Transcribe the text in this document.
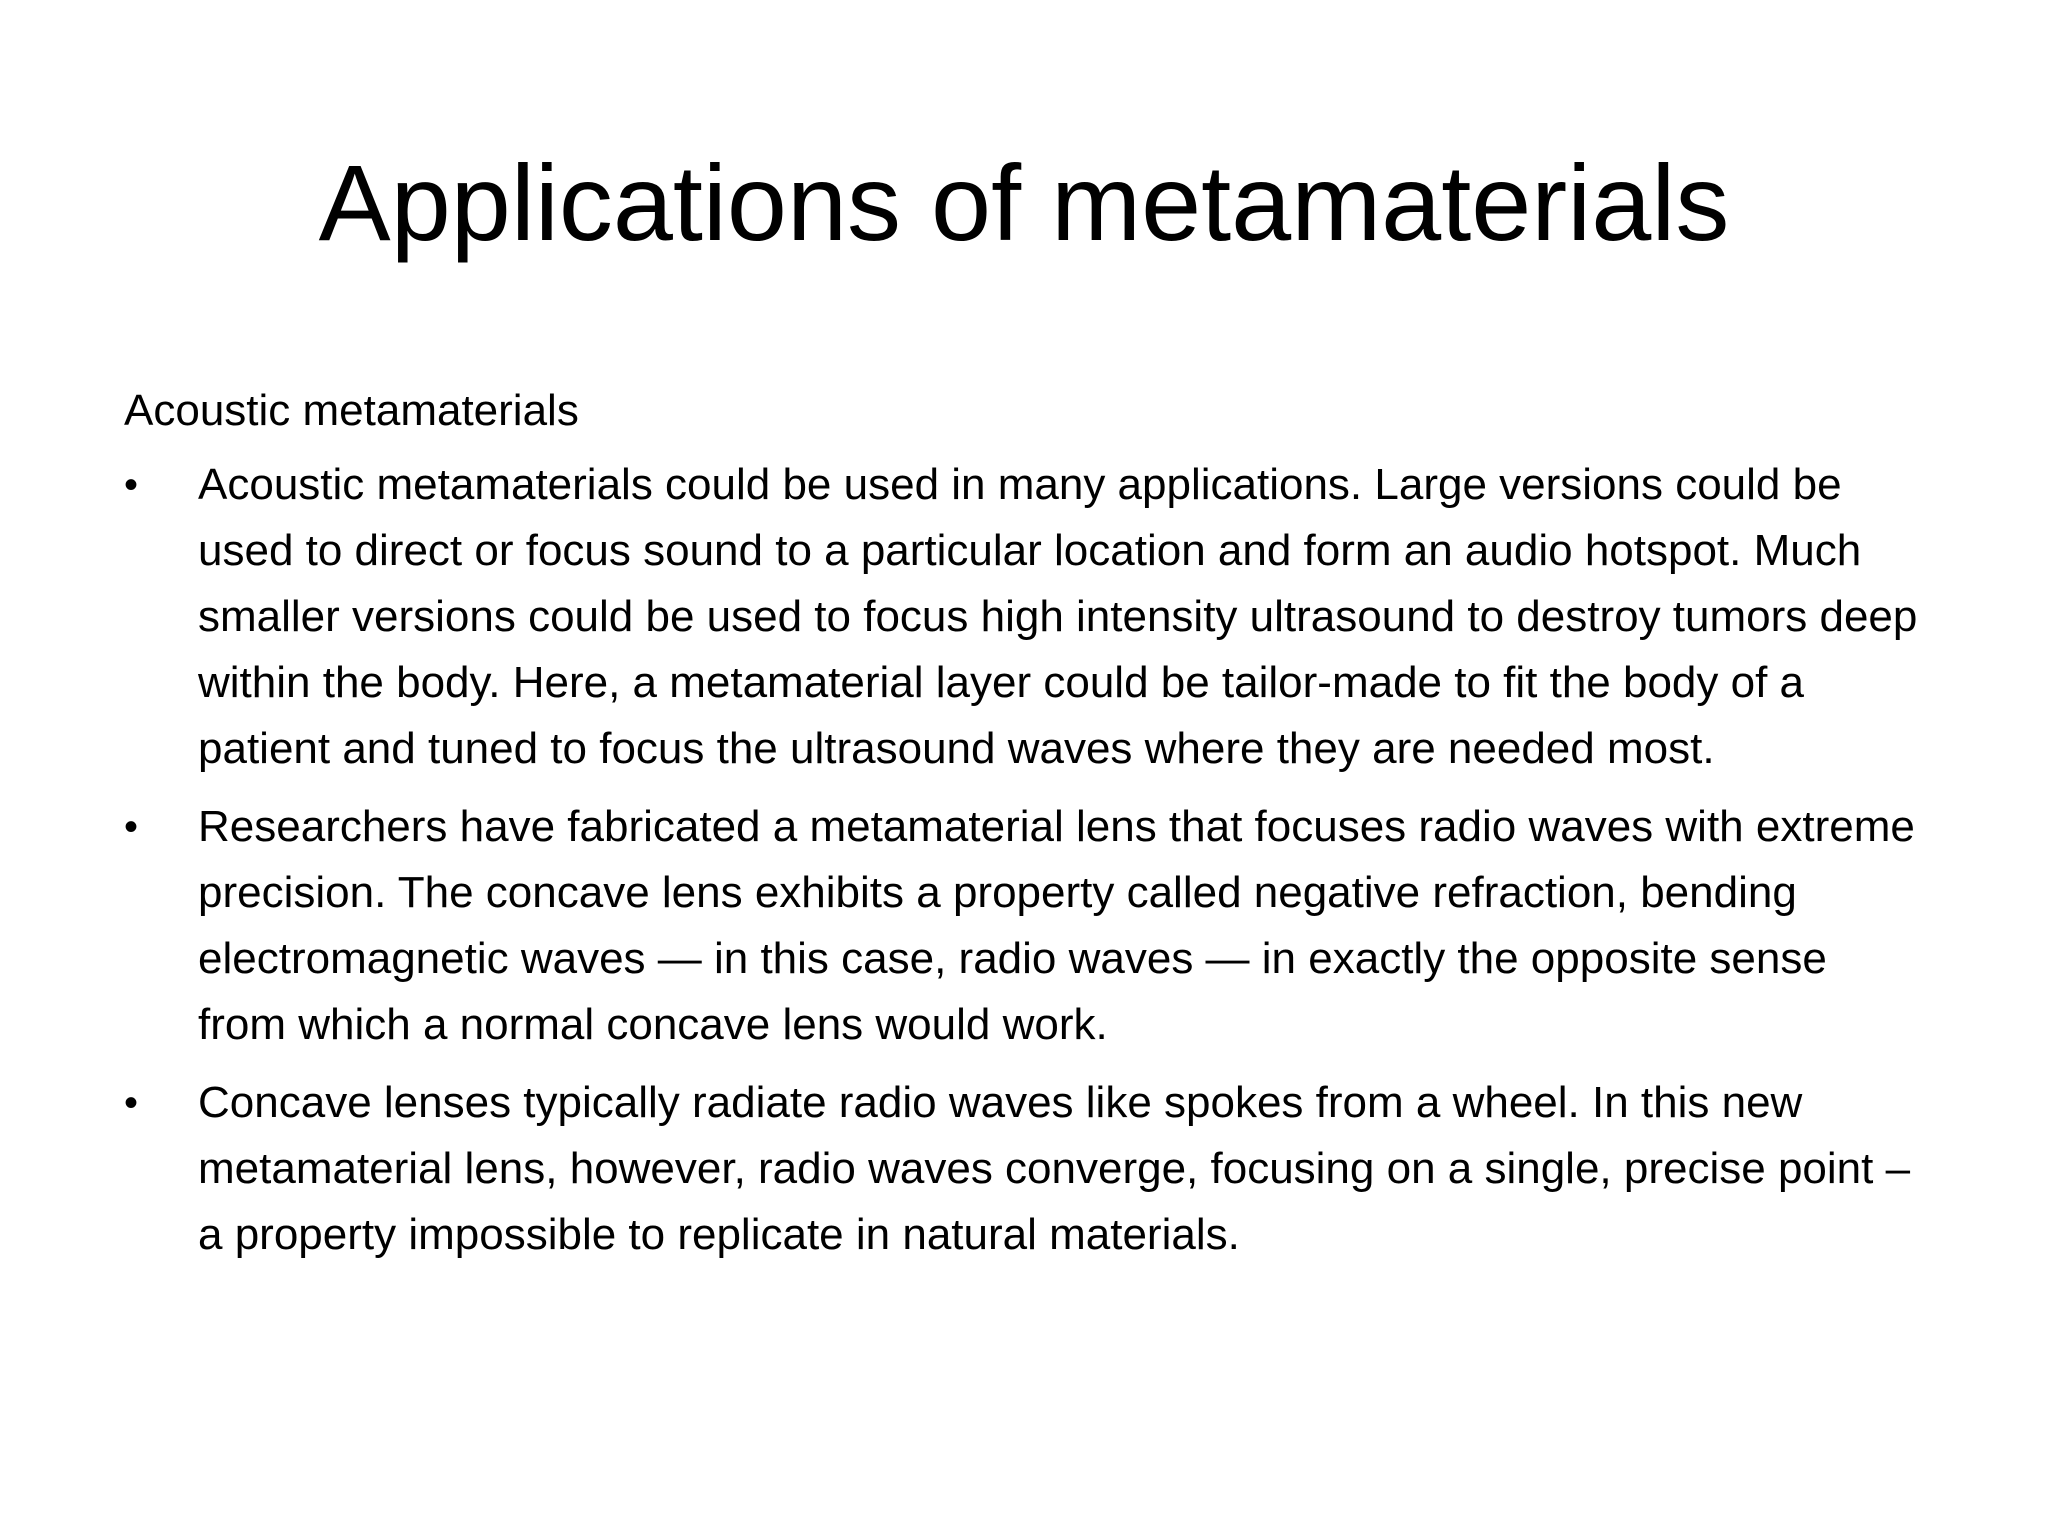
Applications of metamaterials
Acoustic metamaterials
•	Acoustic metamaterials could be used in many applications. Large versions could be used to direct or focus sound to a particular location and form an audio hotspot. Much smaller versions could be used to focus high intensity ultrasound to destroy tumors deep within the body. Here, a metamaterial layer could be tailor-made to fit the body of a patient and tuned to focus the ultrasound waves where they are needed most.
•	Researchers have fabricated a metamaterial lens that focuses radio waves with extreme precision. The concave lens exhibits a property called negative refraction, bending electromagnetic waves — in this case, radio waves — in exactly the opposite sense from which a normal concave lens would work.
•	Concave lenses typically radiate radio waves like spokes from a wheel. In this new metamaterial lens, however, radio waves converge, focusing on a single, precise point – a property impossible to replicate in natural materials.
